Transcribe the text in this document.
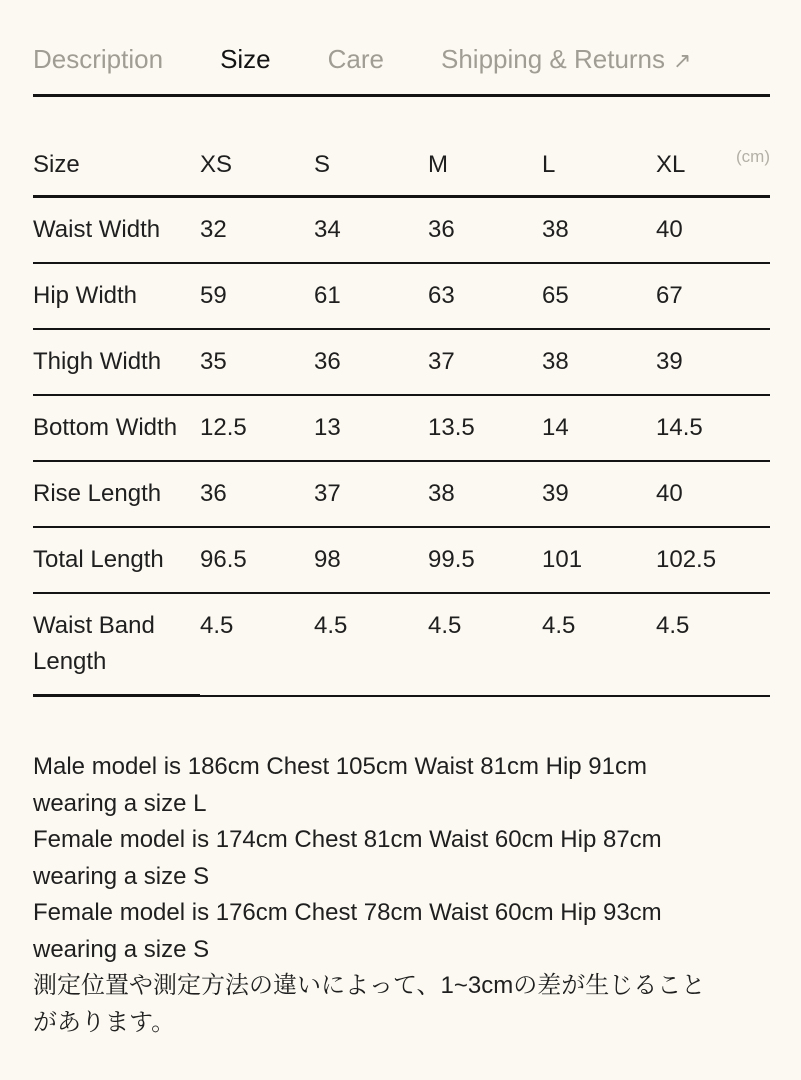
Description Size Care Shipping & Returns ↗
Size	XS	S	M	L	XL (cm)

Waist Width	32	34	36	38	40
Hip Width	59	61	63	65	67
Thigh Width	35	36	37	38	39
Bottom Width	12.5	13	13.5	14	14.5
Rise Length	36	37	38	39	40
Total Length	96.5	98	99.5	101	102.5
Waist Band Length	4.5	4.5	4.5	4.5	4.5
Male model is 186cm Chest 105cm Waist 81cm Hip 91cm
wearing a size L
Female model is 174cm Chest 81cm Waist 60cm Hip 87cm
wearing a size S
Female model is 176cm Chest 78cm Waist 60cm Hip 93cm
wearing a size S
測定位置や測定方法の違いによって、1~3cmの差が生じること
があります。
